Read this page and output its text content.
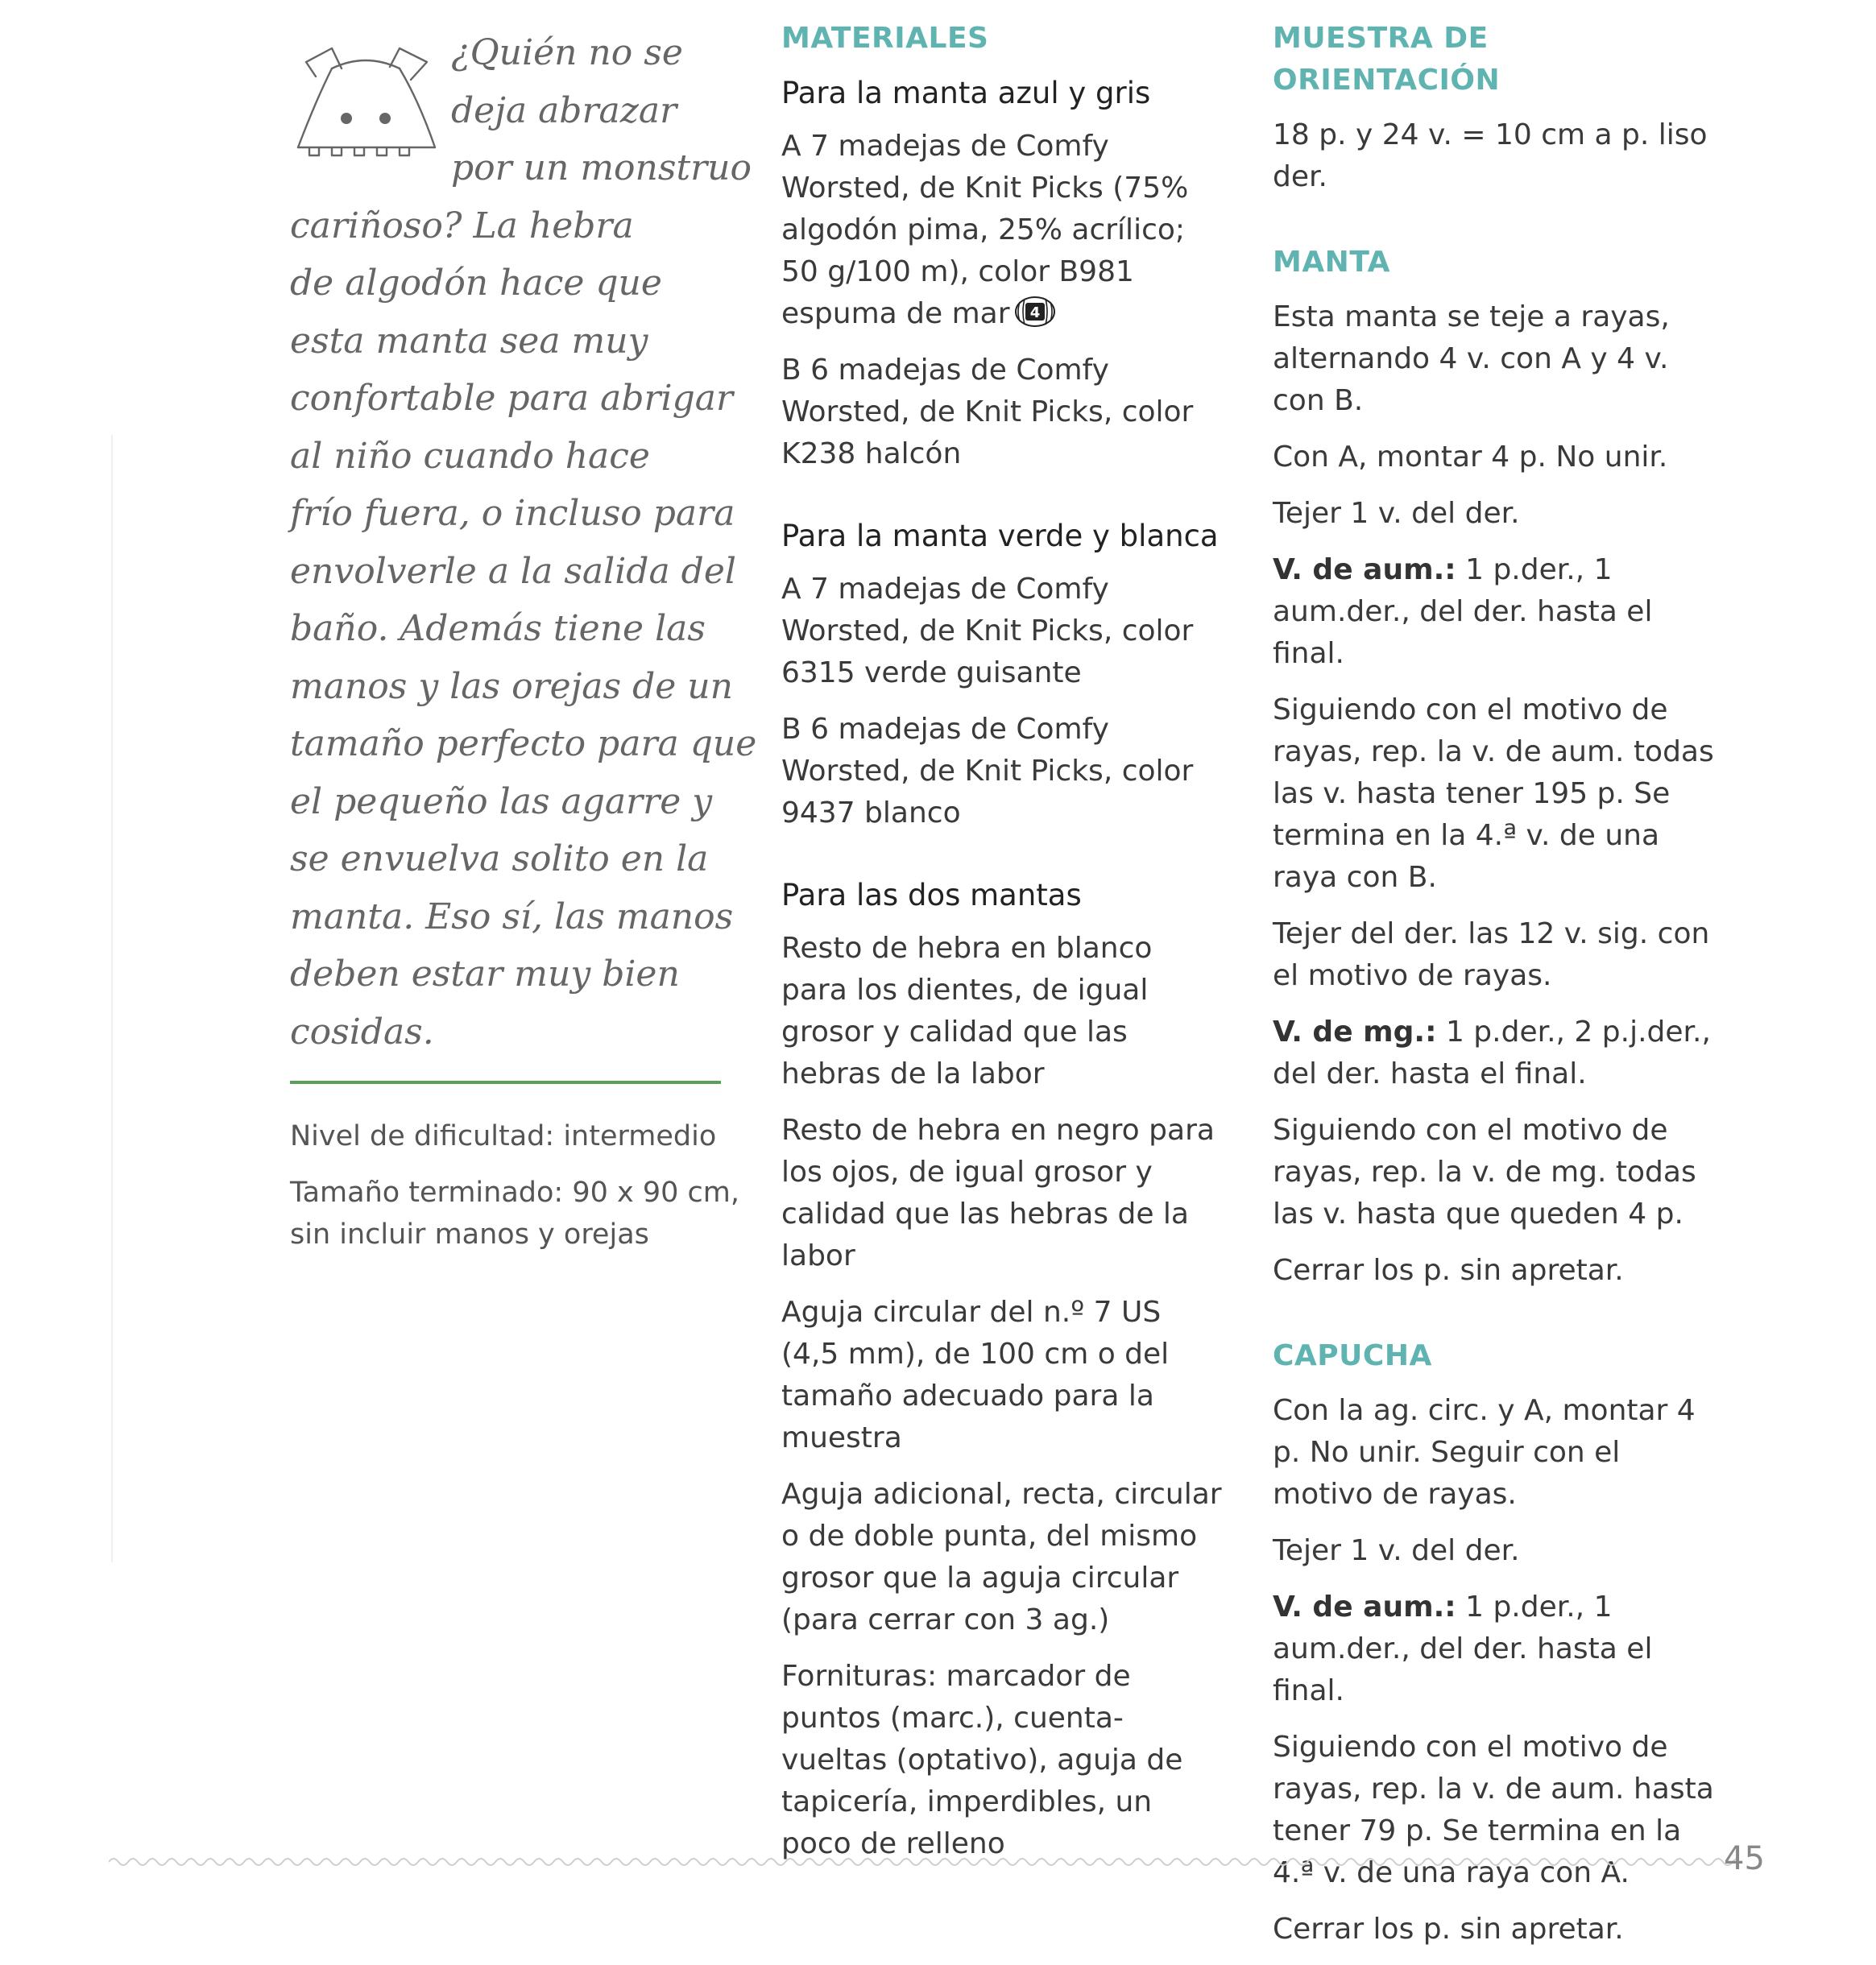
¿Quién no se
deja abrazar
por un monstruo
cariñoso? La hebra
de algodón hace que
esta manta sea muy
confortable para abrigar
al niño cuando hace
frío fuera, o incluso para
envolverle a la salida del
baño. Además tiene las
manos y las orejas de un
tamaño perfecto para que
el pequeño las agarre y
se envuelva solito en la
manta. Eso sí, las manos
deben estar muy bien
cosidas.

Nivel de dificultad: intermedio

Tamaño terminado: 90 x 90 cm,
sin incluir manos y orejas

MATERIALES
Para la manta azul y gris

A 7 madejas de Comfy Worsted, de Knit Picks (75% algodón pima, 25% acrílico; 50 g/100 m), color B981 espuma de mar 4

B 6 madejas de Comfy Worsted, de Knit Picks, color K238 halcón

Para la manta verde y blanca

A 7 madejas de Comfy Worsted, de Knit Picks, color 6315 verde guisante

B 6 madejas de Comfy Worsted, de Knit Picks, color 9437 blanco

Para las dos mantas

Resto de hebra en blanco para los dientes, de igual grosor y calidad que las hebras de la labor

Resto de hebra en negro para los ojos, de igual grosor y calidad que las hebras de la labor

Aguja circular del n.º 7 US (4,5 mm), de 100 cm o del tamaño adecuado para la muestra

Aguja adicional, recta, circular o de doble punta, del mismo grosor que la aguja circular (para cerrar con 3 ag.)

Fornituras: marcador de puntos (marc.), cuenta-vueltas (optativo), aguja de tapicería, imperdibles, un poco de relleno

MUESTRA DE ORIENTACIÓN

18 p. y 24 v. = 10 cm a p. liso der.

MANTA

Esta manta se teje a rayas, alternando 4 v. con A y 4 v. con B.

Con A, montar 4 p. No unir.

Tejer 1 v. del der.

V. de aum.: 1 p.der., 1 aum.der., del der. hasta el final.

Siguiendo con el motivo de rayas, rep. la v. de aum. todas las v. hasta tener 195 p. Se termina en la 4.ª v. de una raya con B.

Tejer del der. las 12 v. sig. con el motivo de rayas.

V. de mg.: 1 p.der., 2 p.j.der., del der. hasta el final.

Siguiendo con el motivo de rayas, rep. la v. de mg. todas las v. hasta que queden 4 p.

Cerrar los p. sin apretar.

CAPUCHA

Con la ag. circ. y A, montar 4 p. No unir. Seguir con el motivo de rayas.

Tejer 1 v. del der.

V. de aum.: 1 p.der., 1 aum.der., del der. hasta el final.

Siguiendo con el motivo de rayas, rep. la v. de aum. hasta tener 79 p. Se termina en la 4.ª v. de una raya con A.

Cerrar los p. sin apretar.

45
